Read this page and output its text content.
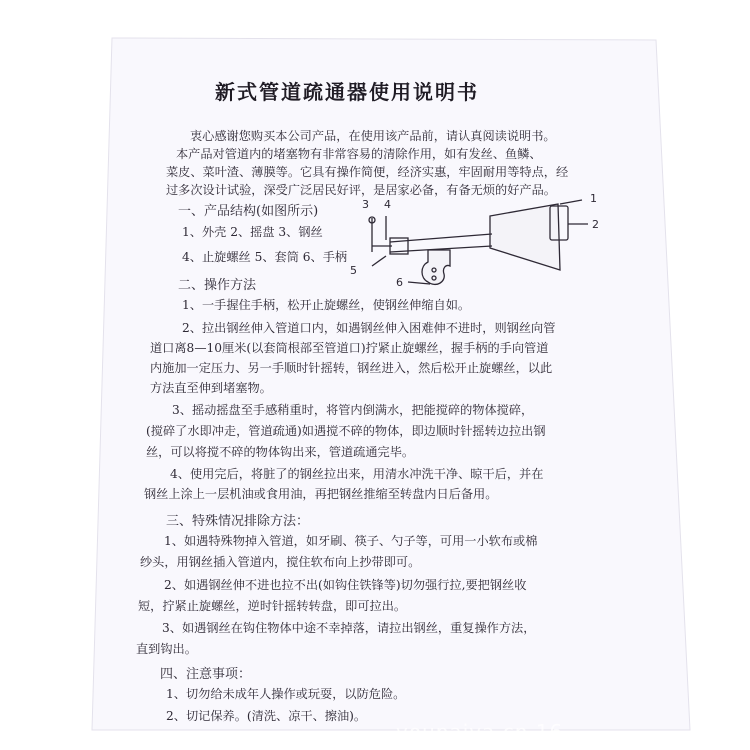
新式管道疏通器使用说明书
衷心感谢您购买本公司产品，在使用该产品前，请认真阅读说明书。
本产品对管道内的堵塞物有非常容易的清除作用，如有发丝、鱼鳞、
菜皮、菜叶渣、薄膜等。它具有操作简便，经济实惠，牢固耐用等特点，经
过多次设计试验，深受广泛居民好评，是居家必备，有备无烦的好产品。
一、产品结构(如图所示)
1、外壳 2、摇盘 3、钢丝
4、止旋螺丝 5、套筒 6、手柄
1
2
3 4
5
6
二、操作方法
1、一手握住手柄，松开止旋螺丝，使钢丝伸缩自如。
2、拉出钢丝伸入管道口内，如遇钢丝伸入困难伸不进时，则钢丝向管
道口离8—10厘米(以套筒根部至管道口)拧紧止旋螺丝，握手柄的手向管道
内施加一定压力、另一手顺时针摇转，钢丝进入，然后松开止旋螺丝，以此
方法直至伸到堵塞物。
3、摇动摇盘至手感稍重时，将管内倒满水，把能搅碎的物体搅碎，
(搅碎了水即冲走，管道疏通)如遇搅不碎的物体，即边顺时针摇转边拉出钢
丝，可以将搅不碎的物体钩出来，管道疏通完毕。
4、使用完后，将脏了的钢丝拉出来，用清水冲洗干净、晾干后，并在
钢丝上涂上一层机油或食用油，再把钢丝推缩至转盘内日后备用。
三、特殊情况排除方法：
1、如遇特殊物掉入管道，如牙刷、筷子、勺子等，可用一小软布或棉
纱头，用钢丝插入管道内，搅住软布向上抄带即可。
2、如遇钢丝伸不进也拉不出(如钩住铁锋等)切勿强行拉,要把钢丝收
短，拧紧止旋螺丝，逆时针摇转转盘，即可拉出。
3、如遇钢丝在钩住物体中途不幸掉落，请拉出钢丝，重复操作方法，
直到钩出。
四、注意事项：
1、切勿给未成年人操作或玩耍，以防危险。
2、切记保养。(清洗、凉干、擦油)。
youpaiya.cn 16
